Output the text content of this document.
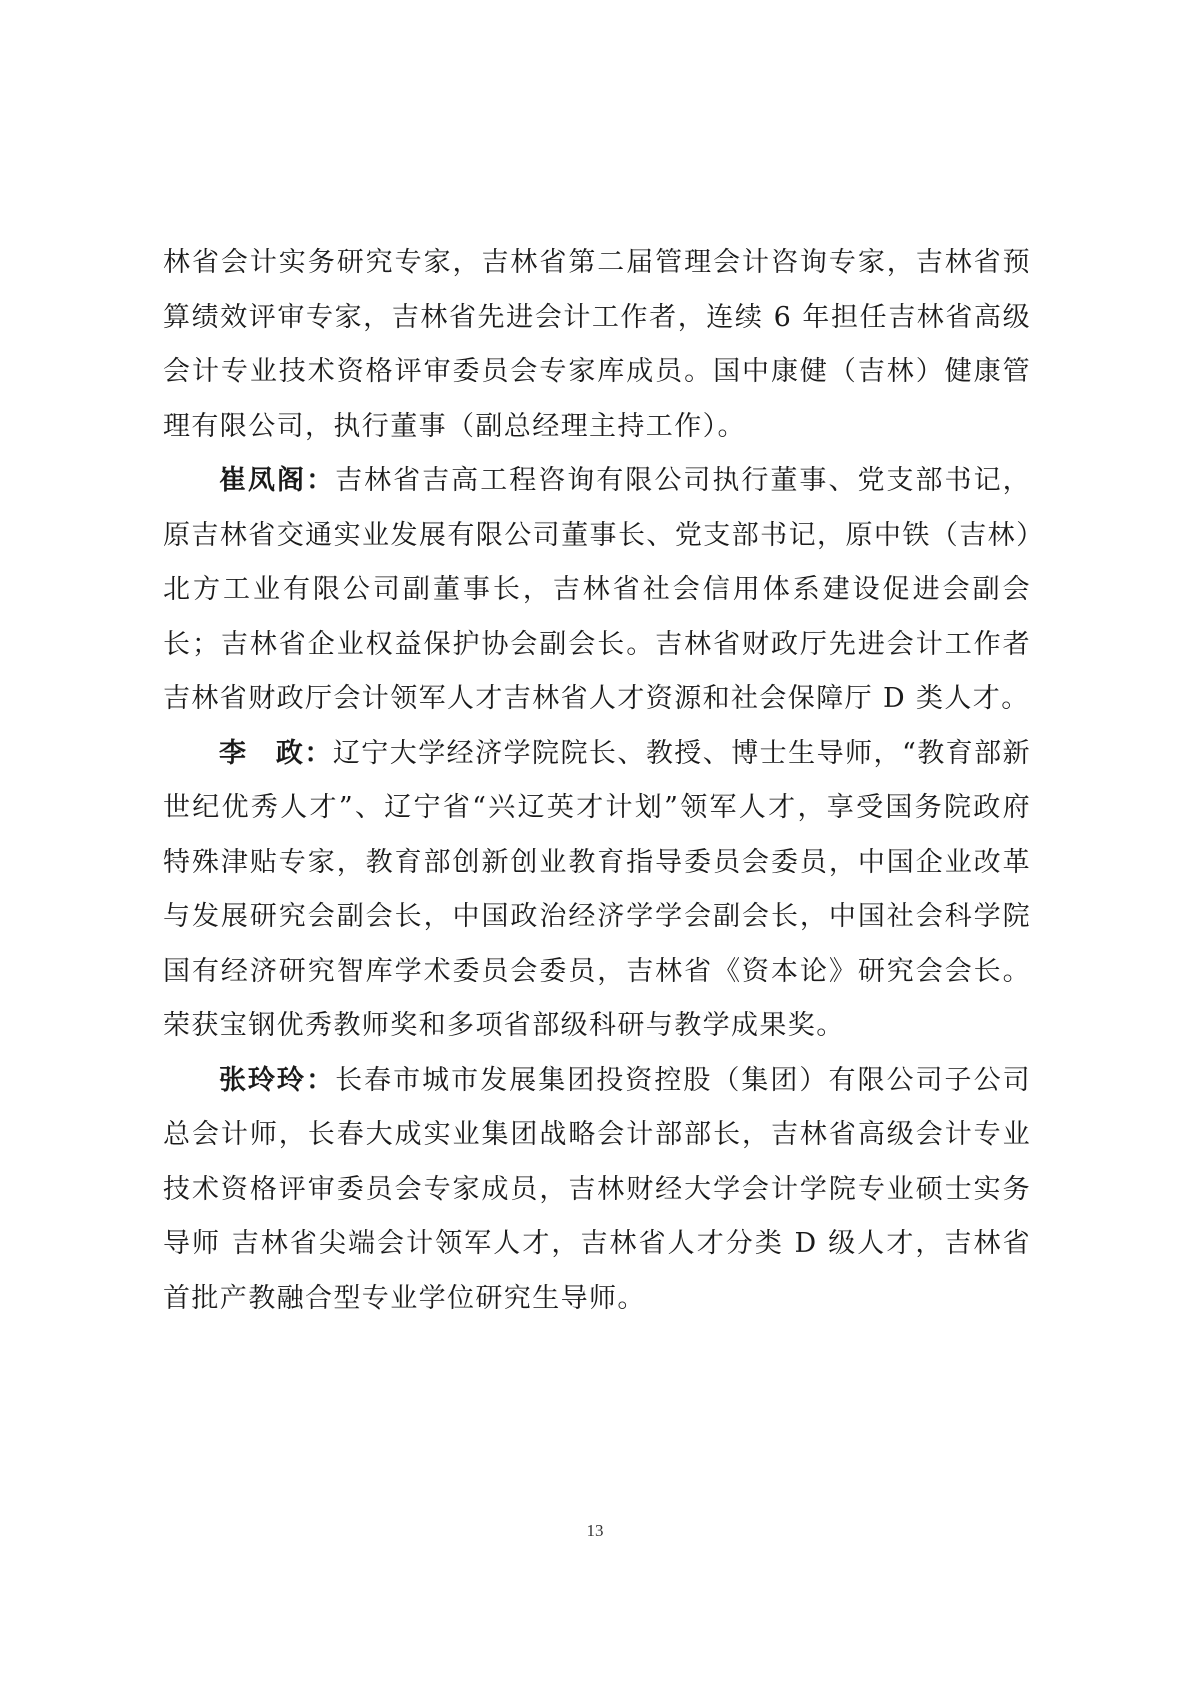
林省会计实务研究专家，吉林省第二届管理会计咨询专家，吉林省预算绩效评审专家，吉林省先进会计工作者，连续 6 年担任吉林省高级会计专业技术资格评审委员会专家库成员。国中康健（吉林）健康管理有限公司，执行董事（副总经理主持工作）。

崔凤阁：吉林省吉高工程咨询有限公司执行董事、党支部书记，原吉林省交通实业发展有限公司董事长、党支部书记，原中铁（吉林）北方工业有限公司副董事长，吉林省社会信用体系建设促进会副会长；吉林省企业权益保护协会副会长。吉林省财政厅先进会计工作者吉林省财政厅会计领军人才吉林省人才资源和社会保障厅 D 类人才。

李　政：辽宁大学经济学院院长、教授、博士生导师，“教育部新世纪优秀人才”、辽宁省“兴辽英才计划”领军人才，享受国务院政府特殊津贴专家，教育部创新创业教育指导委员会委员，中国企业改革与发展研究会副会长，中国政治经济学学会副会长，中国社会科学院国有经济研究智库学术委员会委员，吉林省《资本论》研究会会长。荣获宝钢优秀教师奖和多项省部级科研与教学成果奖。

张玲玲：长春市城市发展集团投资控股（集团）有限公司子公司总会计师，长春大成实业集团战略会计部部长，吉林省高级会计专业技术资格评审委员会专家成员，吉林财经大学会计学院专业硕士实务导师 吉林省尖端会计领军人才，吉林省人才分类 D 级人才，吉林省首批产教融合型专业学位研究生导师。

13
